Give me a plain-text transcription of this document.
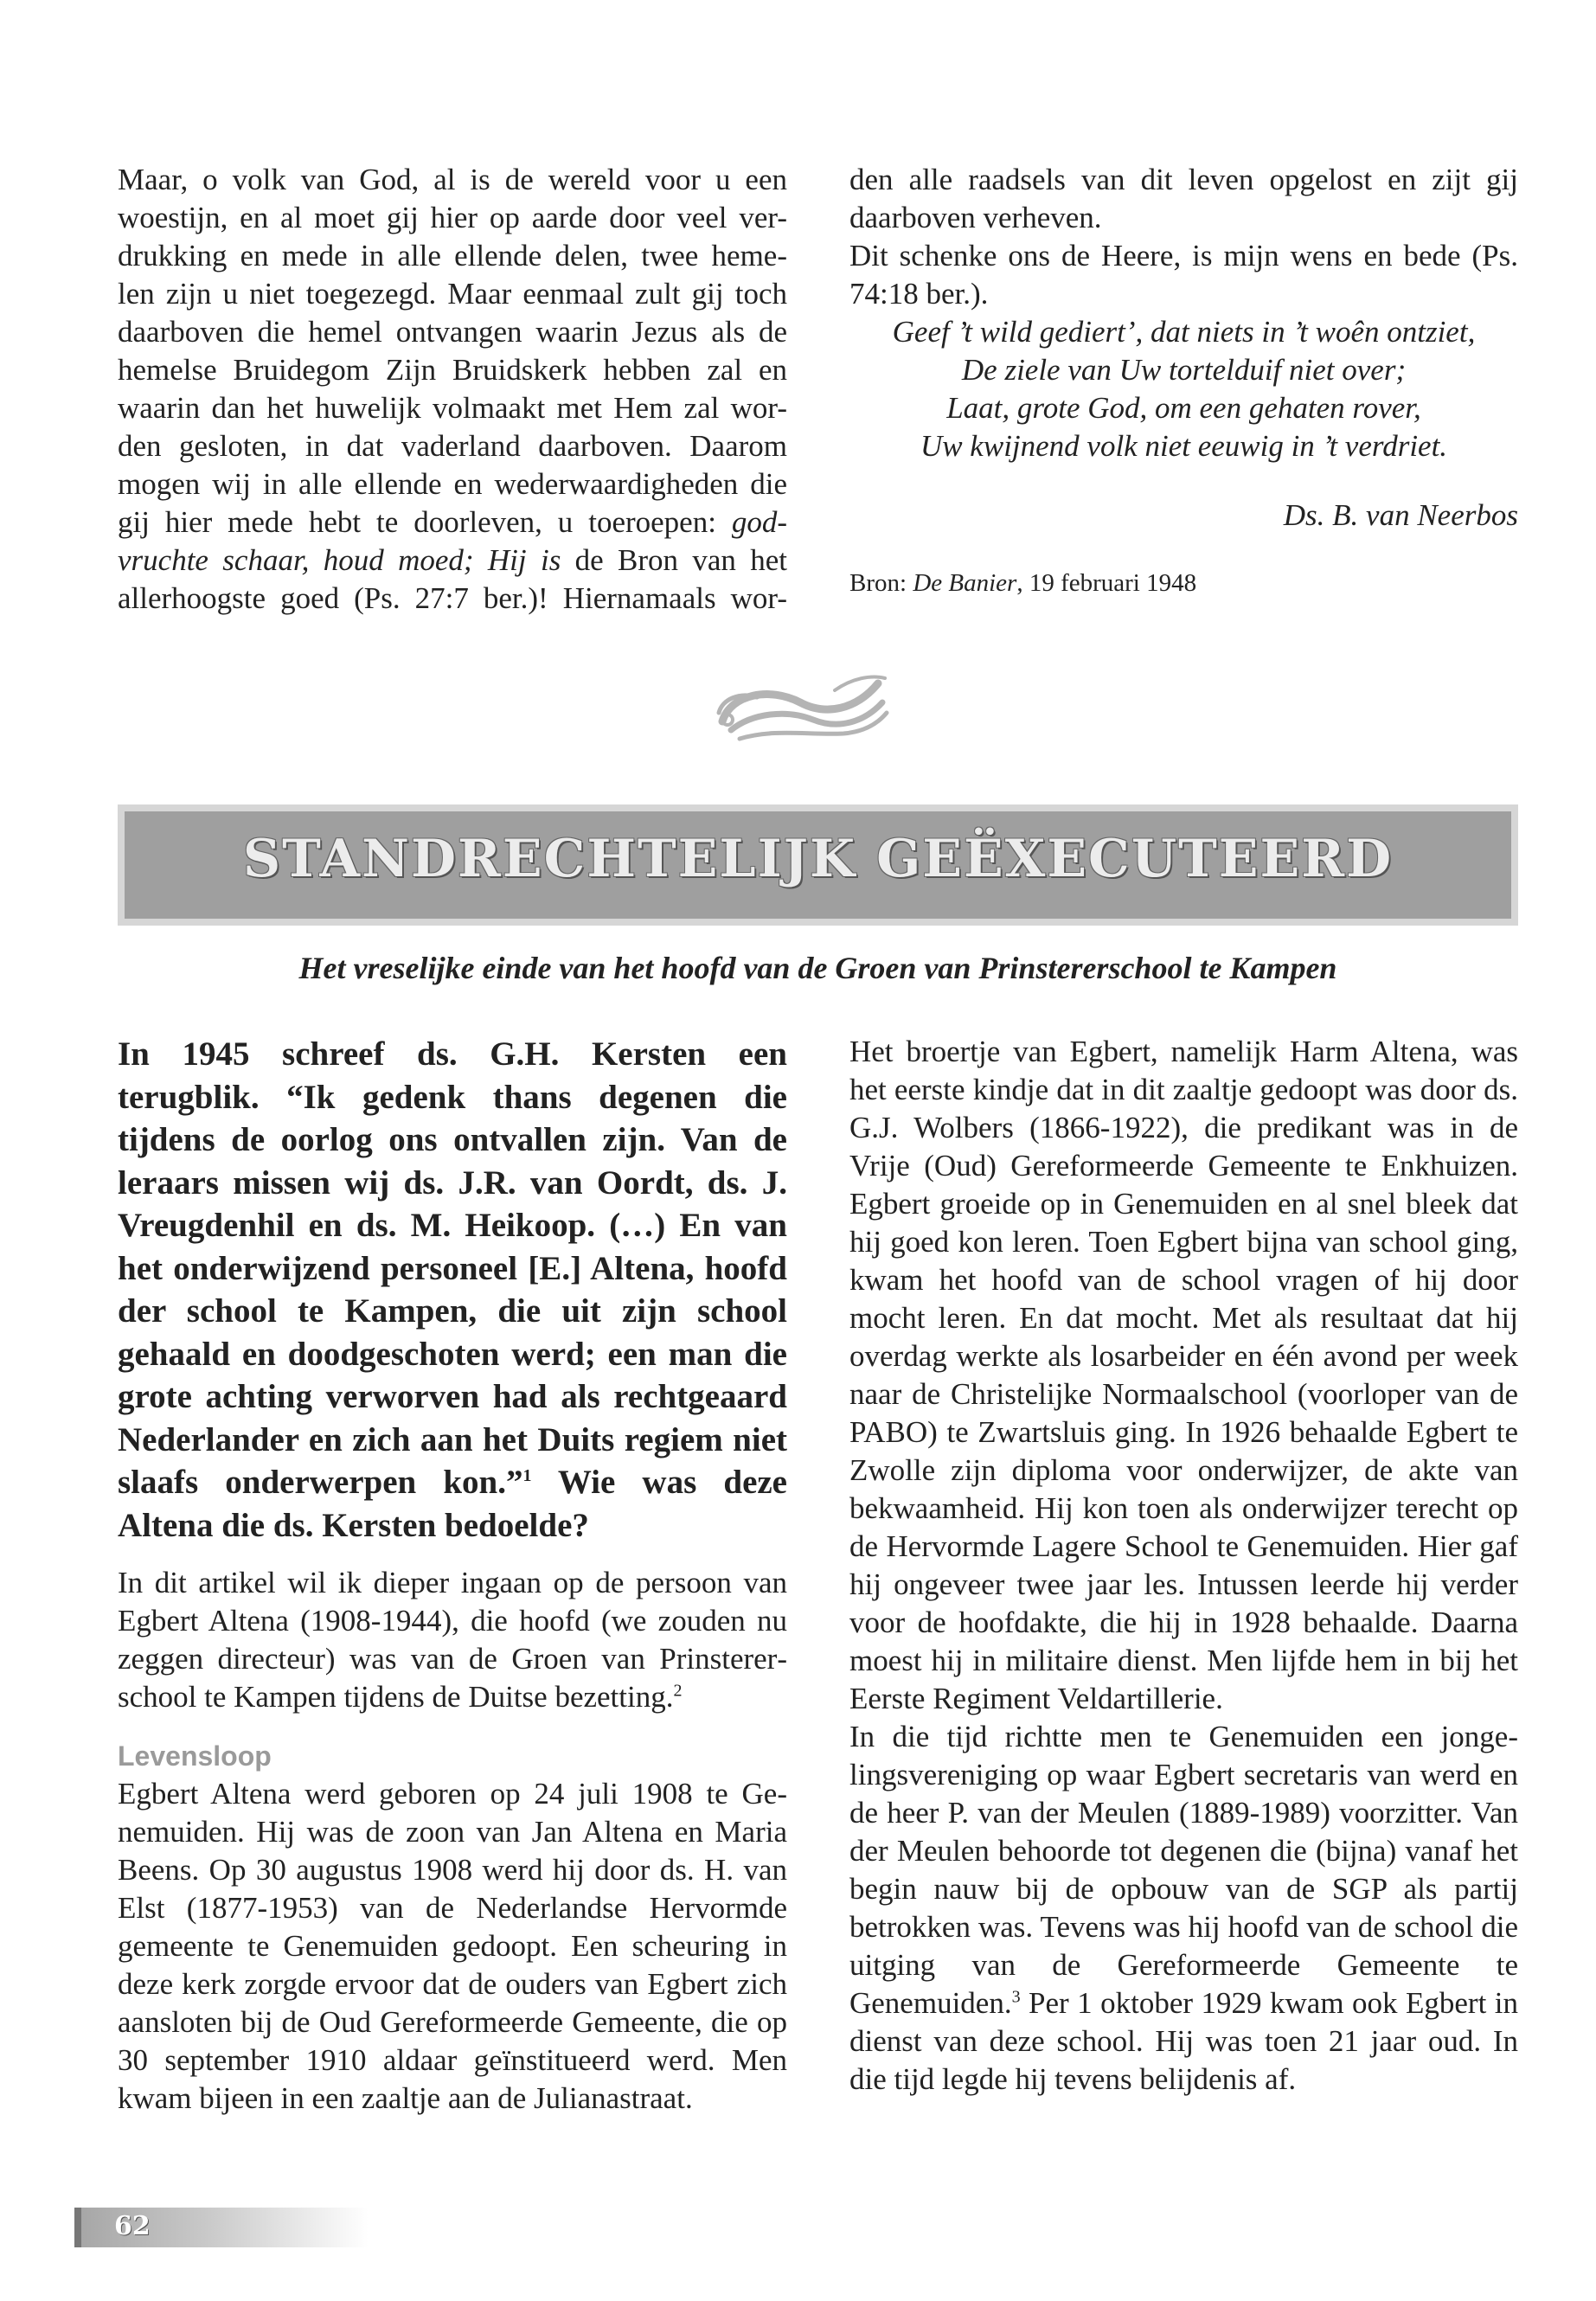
Maar, o volk van God, al is de wereld voor u een

woestijn, en al moet gij hier op aarde door veel ver-

drukking en mede in alle ellende delen, twee heme-

len zijn u niet toegezegd. Maar eenmaal zult gij toch

daarboven die hemel ontvangen waarin Jezus als de

hemelse Bruidegom Zijn Bruidskerk hebben zal en

waarin dan het huwelijk volmaakt met Hem zal wor-

den gesloten, in dat vaderland daarboven. Daarom

mogen wij in alle ellende en wederwaardigheden die

gij hier mede hebt te doorleven, u toeroepen: god-

vruchte schaar, houd moed; Hij is de Bron van het

allerhoogste goed (Ps. 27:7 ber.)! Hiernamaals wor-

den alle raadsels van dit leven opgelost en zijt gij

daarboven verheven.

Dit schenke ons de Heere, is mijn wens en bede (Ps.

74:18 ber.).

Geef ’t wild gediert’, dat niets in ’t woên ontziet,

De ziele van Uw tortelduif niet over;

Laat, grote God, om een gehaten rover,

Uw kwijnend volk niet eeuwig in ’t verdriet.

Ds. B. van Neerbos

Bron: De Banier, 19 februari 1948
STANDRECHTELIJK GEËXECUTEERD
Het vreselijke einde van het hoofd van de Groen van Prinstererschool te Kampen

In 1945 schreef ds. G.H. Kersten een terugblik. “Ik gedenk thans degenen die tijdens de oorlog ons ontvallen zijn. Van de leraars missen wij ds. J.R. van Oordt, ds. J. Vreugdenhil en ds. M. Heikoop. (…) En van het onderwijzend personeel [E.] Altena, hoofd der school te Kampen, die uit zijn school gehaald en doodgeschoten werd; een man die grote achting verworven had als rechtgeaard Nederlander en zich aan het Duits regiem niet slaafs onderwerpen kon.”$^1$ Wie was deze Altena die ds. Kersten bedoelde?

In dit artikel wil ik dieper ingaan op de persoon van Egbert Altena (1908-1944), die hoofd (we zouden nu zeggen directeur) was van de Groen van Prinstererschool te Kampen tijdens de Duitse bezetting.$^2$

Levensloop

Egbert Altena werd geboren op 24 juli 1908 te Genemuiden. Hij was de zoon van Jan Altena en Maria Beens. Op 30 augustus 1908 werd hij door ds. H. van Elst (1877-1953) van de Nederlandse Hervormde gemeente te Genemuiden gedoopt. Een scheuring in deze kerk zorgde ervoor dat de ouders van Egbert zich aansloten bij de Oud Gereformeerde Gemeente, die op 30 september 1910 aldaar geïnstitueerd werd. Men kwam bijeen in een zaaltje aan de Julianastraat.

Het broertje van Egbert, namelijk Harm Altena, was het eerste kindje dat in dit zaaltje gedoopt was door ds. G.J. Wolbers (1866-1922), die predikant was in de Vrije (Oud) Gereformeerde Gemeente te Enkhuizen. Egbert groeide op in Genemuiden en al snel bleek dat hij goed kon leren. Toen Egbert bijna van school ging, kwam het hoofd van de school vragen of hij door mocht leren. En dat mocht. Met als resultaat dat hij overdag werkte als losarbeider en één avond per week naar de Christelijke Normaalschool (voorloper van de PABO) te Zwartsluis ging. In 1926 behaalde Egbert te Zwolle zijn diploma voor onderwijzer, de akte van bekwaamheid. Hij kon toen als onderwijzer terecht op de Hervormde Lagere School te Genemuiden. Hier gaf hij ongeveer twee jaar les. Intussen leerde hij verder voor de hoofdakte, die hij in 1928 behaalde. Daarna moest hij in militaire dienst. Men lijfde hem in bij het Eerste Regiment Veldartillerie.

In die tijd richtte men te Genemuiden een jongelingsvereniging op waar Egbert secretaris van werd en de heer P. van der Meulen (1889-1989) voorzitter. Van der Meulen behoorde tot degenen die (bijna) vanaf het begin nauw bij de opbouw van de SGP als partij betrokken was. Tevens was hij hoofd van de school die uitging van de Gereformeerde Gemeente te Genemuiden.$^3$ Per 1 oktober 1929 kwam ook Egbert in dienst van deze school. Hij was toen 21 jaar oud. In die tijd legde hij tevens belijdenis af.

62
